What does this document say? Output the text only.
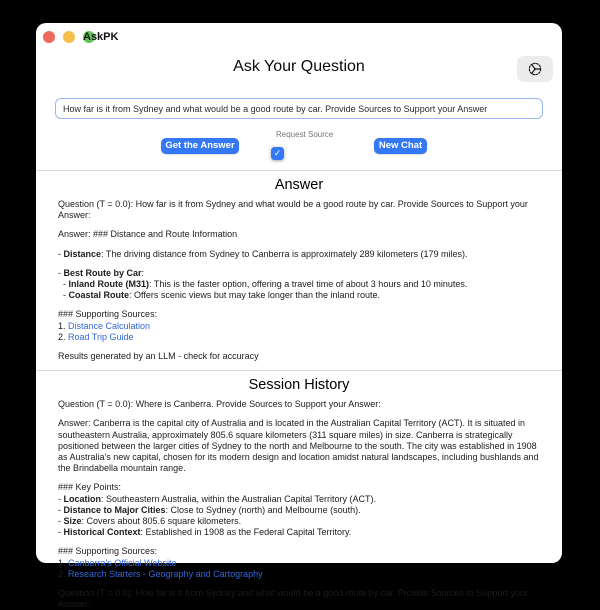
AskPK
Ask Your Question
How far is it from Sydney and what would be a good route by car. Provide Sources to Support your Answer
Get the Answer
Request Source
✓
New Chat
Answer
Question (T = 0.0): How far is it from Sydney and what would be a good route by car. Provide Sources to Support your Answer:
Answer: ### Distance and Route Information
- Distance: The driving distance from Sydney to Canberra is approximately 289 kilometers (179 miles).
- Best Route by Car:
- Inland Route (M31): This is the faster option, offering a travel time of about 3 hours and 10 minutes.
- Coastal Route: Offers scenic views but may take longer than the inland route.
### Supporting Sources:
1. Distance Calculation
2. Road Trip Guide
Results generated by an LLM - check for accuracy
Session History
Question (T = 0.0): Where is Canberra. Provide Sources to Support your Answer:
Answer: Canberra is the capital city of Australia and is located in the Australian Capital Territory (ACT). It is situated in southeastern Australia, approximately 805.6 square kilometers (311 square miles) in size. Canberra is strategically positioned between the larger cities of Sydney to the north and Melbourne to the south. The city was established in 1908 as Australia's new capital, chosen for its modern design and location amidst natural landscapes, including bushlands and the Brindabella mountain range.
### Key Points:
- Location: Southeastern Australia, within the Australian Capital Territory (ACT).
- Distance to Major Cities: Close to Sydney (north) and Melbourne (south).
- Size: Covers about 805.6 square kilometers.
- Historical Context: Established in 1908 as the Federal Capital Territory.
### Supporting Sources:
1. Canberra's Official Website
2. Research Starters - Geography and Cartography
Question (T = 0.0): How far is it from Sydney and what would be a good route by car. Provide Sources to Support your Answer:
